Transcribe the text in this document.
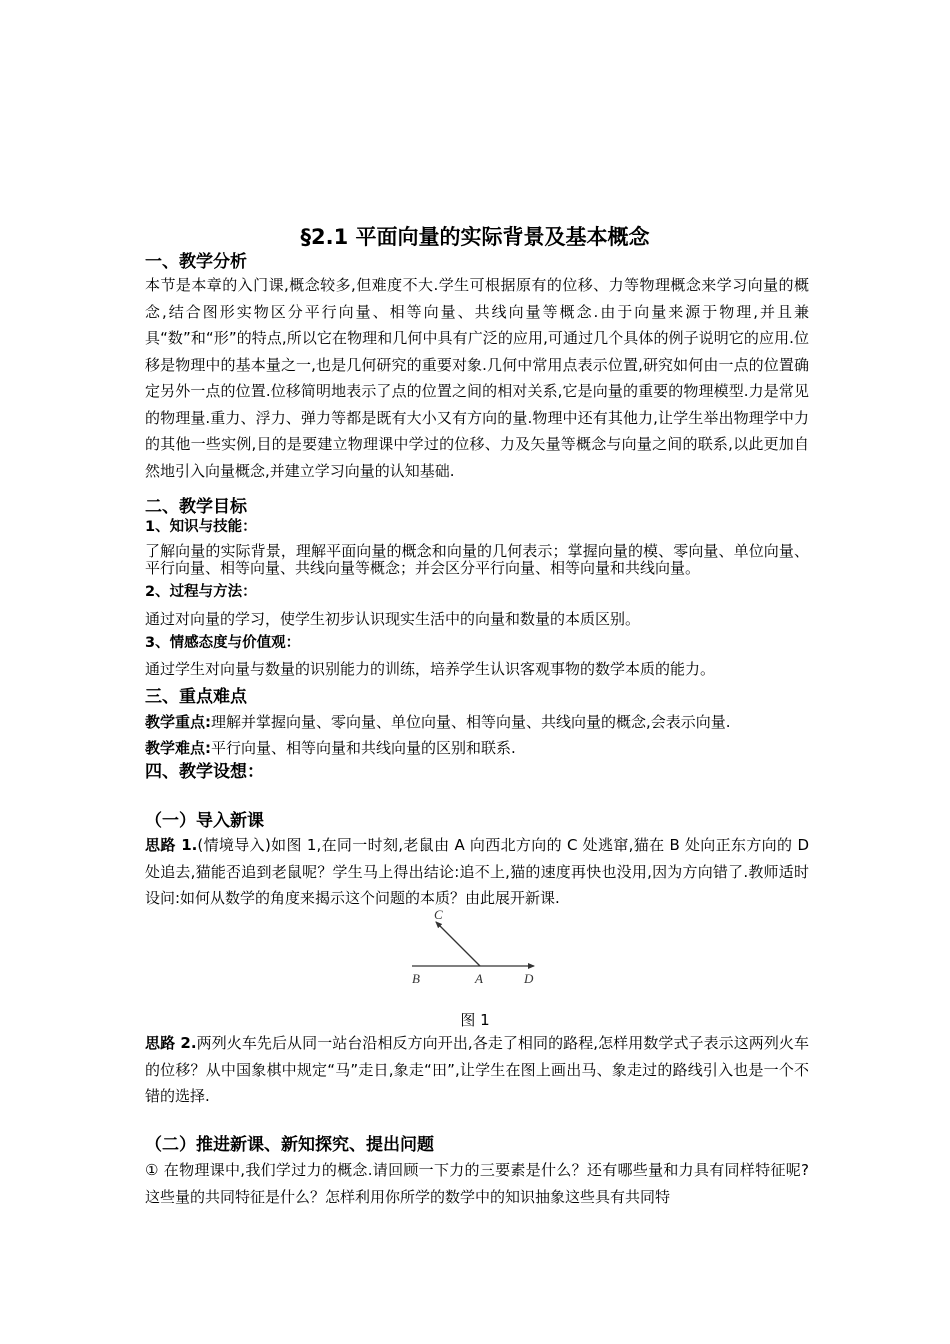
§2.1 平面向量的实际背景及基本概念
一、教学分析

本节是本章的入门课,概念较多,但难度不大.学生可根据原有的位移、力等物理概念来学习向量的概念,结合图形实物区分平行向量、相等向量、共线向量等概念.由于向量来源于物理,并且兼具“数”和“形”的特点,所以它在物理和几何中具有广泛的应用,可通过几个具体的例子说明它的应用.位移是物理中的基本量之一,也是几何研究的重要对象.几何中常用点表示位置,研究如何由一点的位置确定另外一点的位置.位移简明地表示了点的位置之间的相对关系,它是向量的重要的物理模型.力是常见的物理量.重力、浮力、弹力等都是既有大小又有方向的量.物理中还有其他力,让学生举出物理学中力的其他一些实例,目的是要建立物理课中学过的位移、力及矢量等概念与向量之间的联系,以此更加自然地引入向量概念,并建立学习向量的认知基础.

二、教学目标
1、知识与技能：

了解向量的实际背景，理解平面向量的概念和向量的几何表示；掌握向量的模、零向量、单位向量、平行向量、相等向量、共线向量等概念；并会区分平行向量、相等向量和共线向量。

2、过程与方法：

通过对向量的学习，使学生初步认识现实生活中的向量和数量的本质区别。

3、情感态度与价值观：

通过学生对向量与数量的识别能力的训练，培养学生认识客观事物的数学本质的能力。

三、重点难点

教学重点:理解并掌握向量、零向量、单位向量、相等向量、共线向量的概念,会表示向量.

教学难点:平行向量、相等向量和共线向量的区别和联系.

四、教学设想：
（一）导入新课

思路 1.(情境导入)如图 1,在同一时刻,老鼠由 A 向西北方向的 C 处逃窜,猫在 B 处向正东方向的 D 处追去,猫能否追到老鼠呢？学生马上得出结论:追不上,猫的速度再快也没用,因为方向错了.教师适时设问:如何从数学的角度来揭示这个问题的本质？由此展开新课.

C
B	A	D
图 1

思路 2.两列火车先后从同一站台沿相反方向开出,各走了相同的路程,怎样用数学式子表示这两列火车的位移？从中国象棋中规定“马”走日,象走“田”,让学生在图上画出马、象走过的路线引入也是一个不错的选择.

（二）推进新课、新知探究、提出问题

① 在物理课中,我们学过力的概念.请回顾一下力的三要素是什么？还有哪些量和力具有同样特征呢?这些量的共同特征是什么？怎样利用你所学的数学中的知识抽象这些具有共同特
